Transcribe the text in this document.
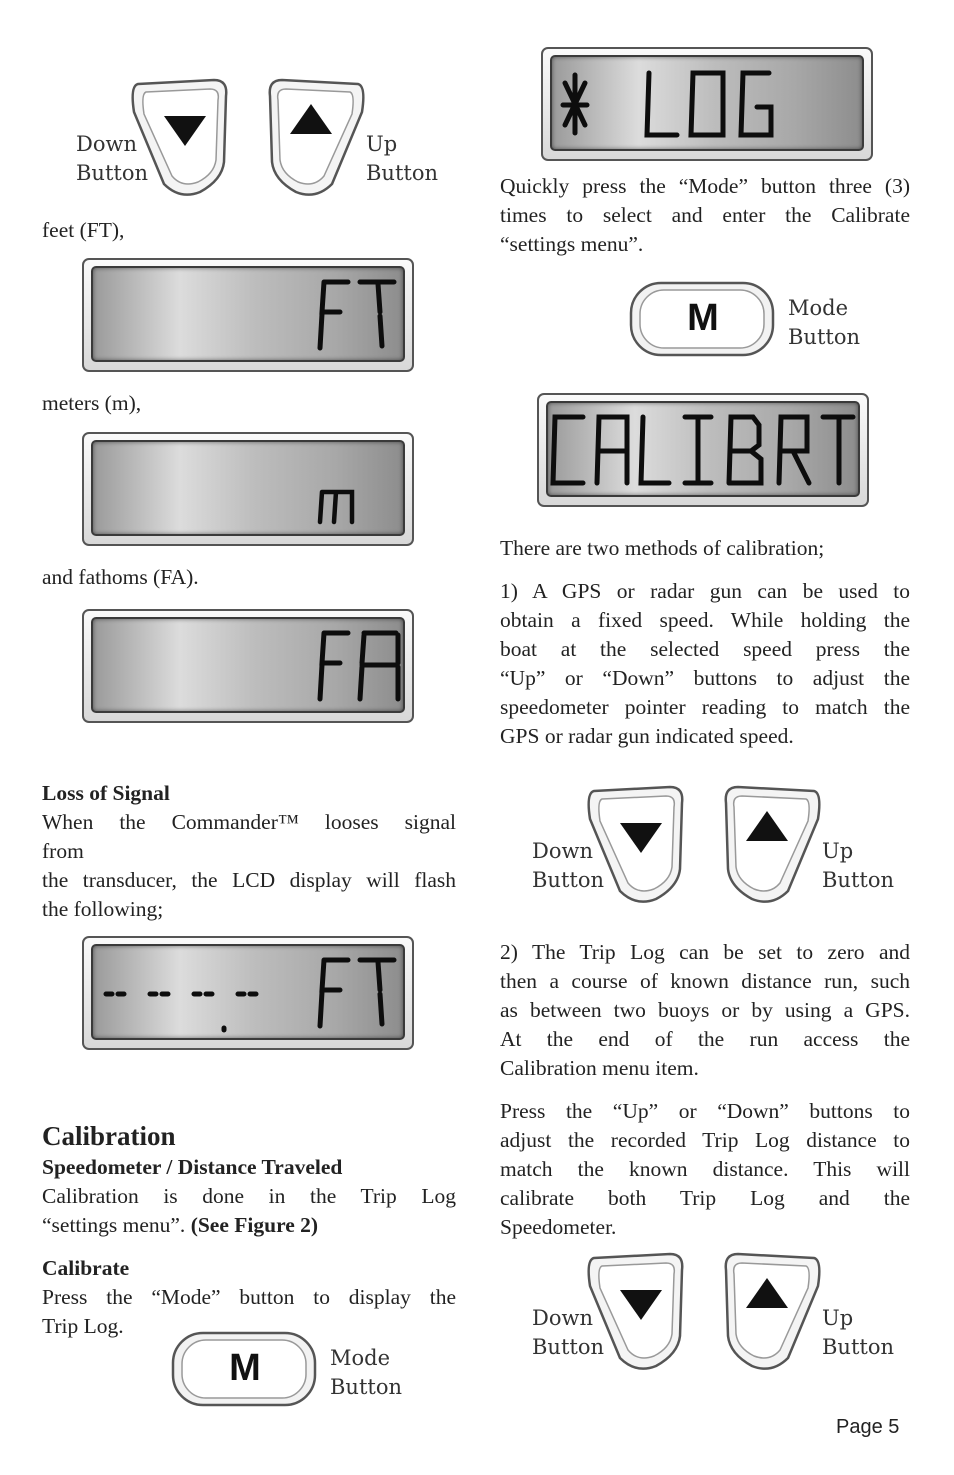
Down
Button
Up
Button
feet (FT),
meters (m),
and fathoms (FA).
Loss of Signal
When the Commander™ looses signal
from
the transducer, the LCD display will flash
the following;
Calibration
Speedometer / Distance Traveled
Calibration is done in the Trip Log
“settings menu”. (See Figure 2)
Calibrate
Press the “Mode” button to display the
Trip Log.
M	Mode
Button
Quickly press the “Mode” button three (3)
times to select and enter the Calibrate
“settings menu”.
M	Mode
Button
There are two methods of calibration;
1) A GPS or radar gun can be used to
obtain a fixed speed. While holding the
boat at the selected speed press the
“Up” or “Down” buttons to adjust the
speedometer pointer reading to match the
GPS or radar gun indicated speed.
Down
Button
Up
Button
2) The Trip Log can be set to zero and
then a course of known distance run, such
as between two buoys or by using a GPS.
At the end of the run access the
Calibration menu item.
Press the “Up” or “Down” buttons to
adjust the recorded Trip Log distance to
match the known distance. This will
calibrate both Trip Log and the
Speedometer.
Down
Button
Up
Button
Page 5
